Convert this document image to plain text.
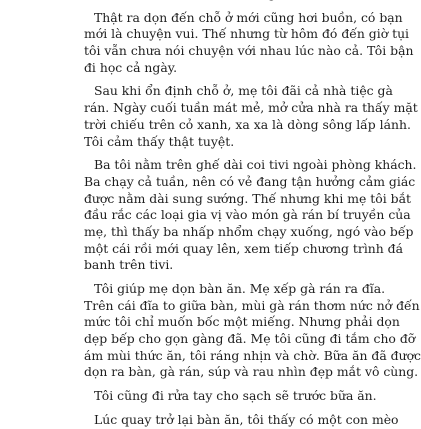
Thật ra dọn đến chỗ ở mới cũng hơi buồn, có bạn
mới là chuyện vui. Thế nhưng từ hôm đó đến giờ tụi
tôi vẫn chưa nói chuyện với nhau lúc nào cả. Tôi bận
đi học cả ngày.
Sau khi ổn định chỗ ở, mẹ tôi đãi cả nhà tiệc gà
rán. Ngày cuối tuần mát mẻ, mở cửa nhà ra thấy mặt
trời chiếu trên cỏ xanh, xa xa là dòng sông lấp lánh.
Tôi cảm thấy thật tuyệt.
Ba tôi nằm trên ghế dài coi tivi ngoài phòng khách.
Ba chạy cả tuần, nên có vẻ đang tận hưởng cảm giác
được nằm dài sung sướng. Thế nhưng khi mẹ tôi bắt
đầu rắc các loại gia vị vào món gà rán bí truyền của
mẹ, thì thấy ba nhấp nhổm chạy xuống, ngó vào bếp
một cái rồi mới quay lên, xem tiếp chương trình đá
banh trên tivi.
Tôi giúp mẹ dọn bàn ăn. Mẹ xếp gà rán ra đĩa.
Trên cái đĩa to giữa bàn, mùi gà rán thơm nức nở đến
mức tôi chỉ muốn bốc một miếng. Nhưng phải dọn
dẹp bếp cho gọn gàng đã. Mẹ tôi cũng đi tắm cho đỡ
ám mùi thức ăn, tôi ráng nhịn và chờ. Bữa ăn đã được
dọn ra bàn, gà rán, súp và rau nhìn đẹp mắt vô cùng.
Tôi cũng đi rửa tay cho sạch sẽ trước bữa ăn.
Lúc quay trở lại bàn ăn, tôi thấy có một con mèo
